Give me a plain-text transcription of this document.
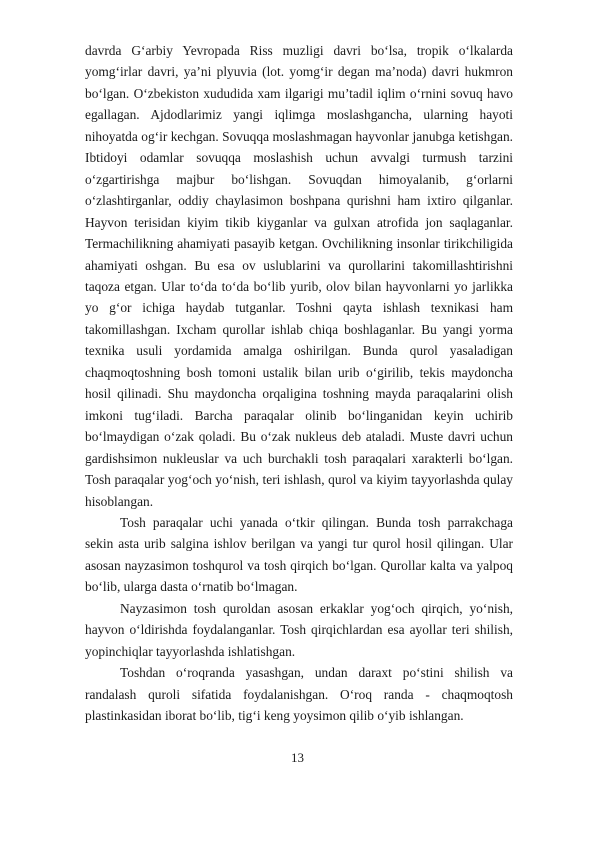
davrda G‘arbiy Yevropada Riss muzligi davri bo‘lsa, tropik o‘lkalarda yomg‘irlar davri, ya’ni plyuvia (lot. yomg‘ir degan ma’noda) davri hukmron bo‘lgan. O‘zbekiston xududida xam ilgarigi mu’tadil iqlim o‘rnini sovuq havo egallagan. Ajdodlarimiz yangi iqlimga moslashgancha, ularning hayoti nihoyatda og‘ir kechgan. Sovuqqa moslashmagan hayvonlar janubga ketishgan. Ibtidoyi odamlar sovuqqa moslashish uchun avvalgi turmush tarzini o‘zgartirishga majbur bo‘lishgan. Sovuqdan himoyalanib, g‘orlarni o‘zlashtirganlar, oddiy chaylasimon boshpana qurishni ham ixtiro qilganlar. Hayvon terisidan kiyim tikib kiyganlar va gulxan atrofida jon saqlaganlar. Termachilikning ahamiyati pasayib ketgan. Ovchilikning insonlar tirikchiligida ahamiyati oshgan. Bu esa ov uslublarini va qurollarini takomillashtirishni taqoza etgan. Ular to‘da to‘da bo‘lib yurib, olov bilan hayvonlarni yo jarlikka yo g‘or ichiga haydab tutganlar. Toshni qayta ishlash texnikasi ham takomillashgan. Ixcham qurollar ishlab chiqa boshlaganlar. Bu yangi yorma texnika usuli yordamida amalga oshirilgan. Bunda qurol yasaladigan chaqmoqtoshning bosh tomoni ustalik bilan urib o‘girilib, tekis maydoncha hosil qilinadi. Shu maydoncha orqaligina toshning mayda paraqalarini olish imkoni tug‘iladi. Barcha paraqalar olinib bo‘linganidan keyin uchirib bo‘lmaydigan o‘zak qoladi. Bu o‘zak nukleus deb ataladi. Muste davri uchun gardishsimon nukleuslar va uch burchakli tosh paraqalari xarakterli bo‘lgan. Tosh paraqalar yog‘och yo‘nish, teri ishlash, qurol va kiyim tayyorlashda qulay hisoblangan.

Tosh paraqalar uchi yanada o‘tkir qilingan. Bunda tosh parrakchaga sekin asta urib salgina ishlov berilgan va yangi tur qurol hosil qilingan. Ular asosan nayzasimon toshqurol va tosh qirqich bo‘lgan. Qurollar kalta va yalpoq bo‘lib, ularga dasta o‘rnatib bo‘lmagan.

Nayzasimon tosh quroldan asosan erkaklar yog‘och qirqich, yo‘nish, hayvon o‘ldirishda foydalanganlar. Tosh qirqichlardan esa ayollar teri shilish, yopinchiqlar tayyorlashda ishlatishgan.

Toshdan o‘roqranda yasashgan, undan daraxt po‘stini shilish va randalash quroli sifatida foydalanishgan. O‘roq randa - chaqmoqtosh plastinkasidan iborat bo‘lib, tig‘i keng yoysimon qilib o‘yib ishlangan.

13
